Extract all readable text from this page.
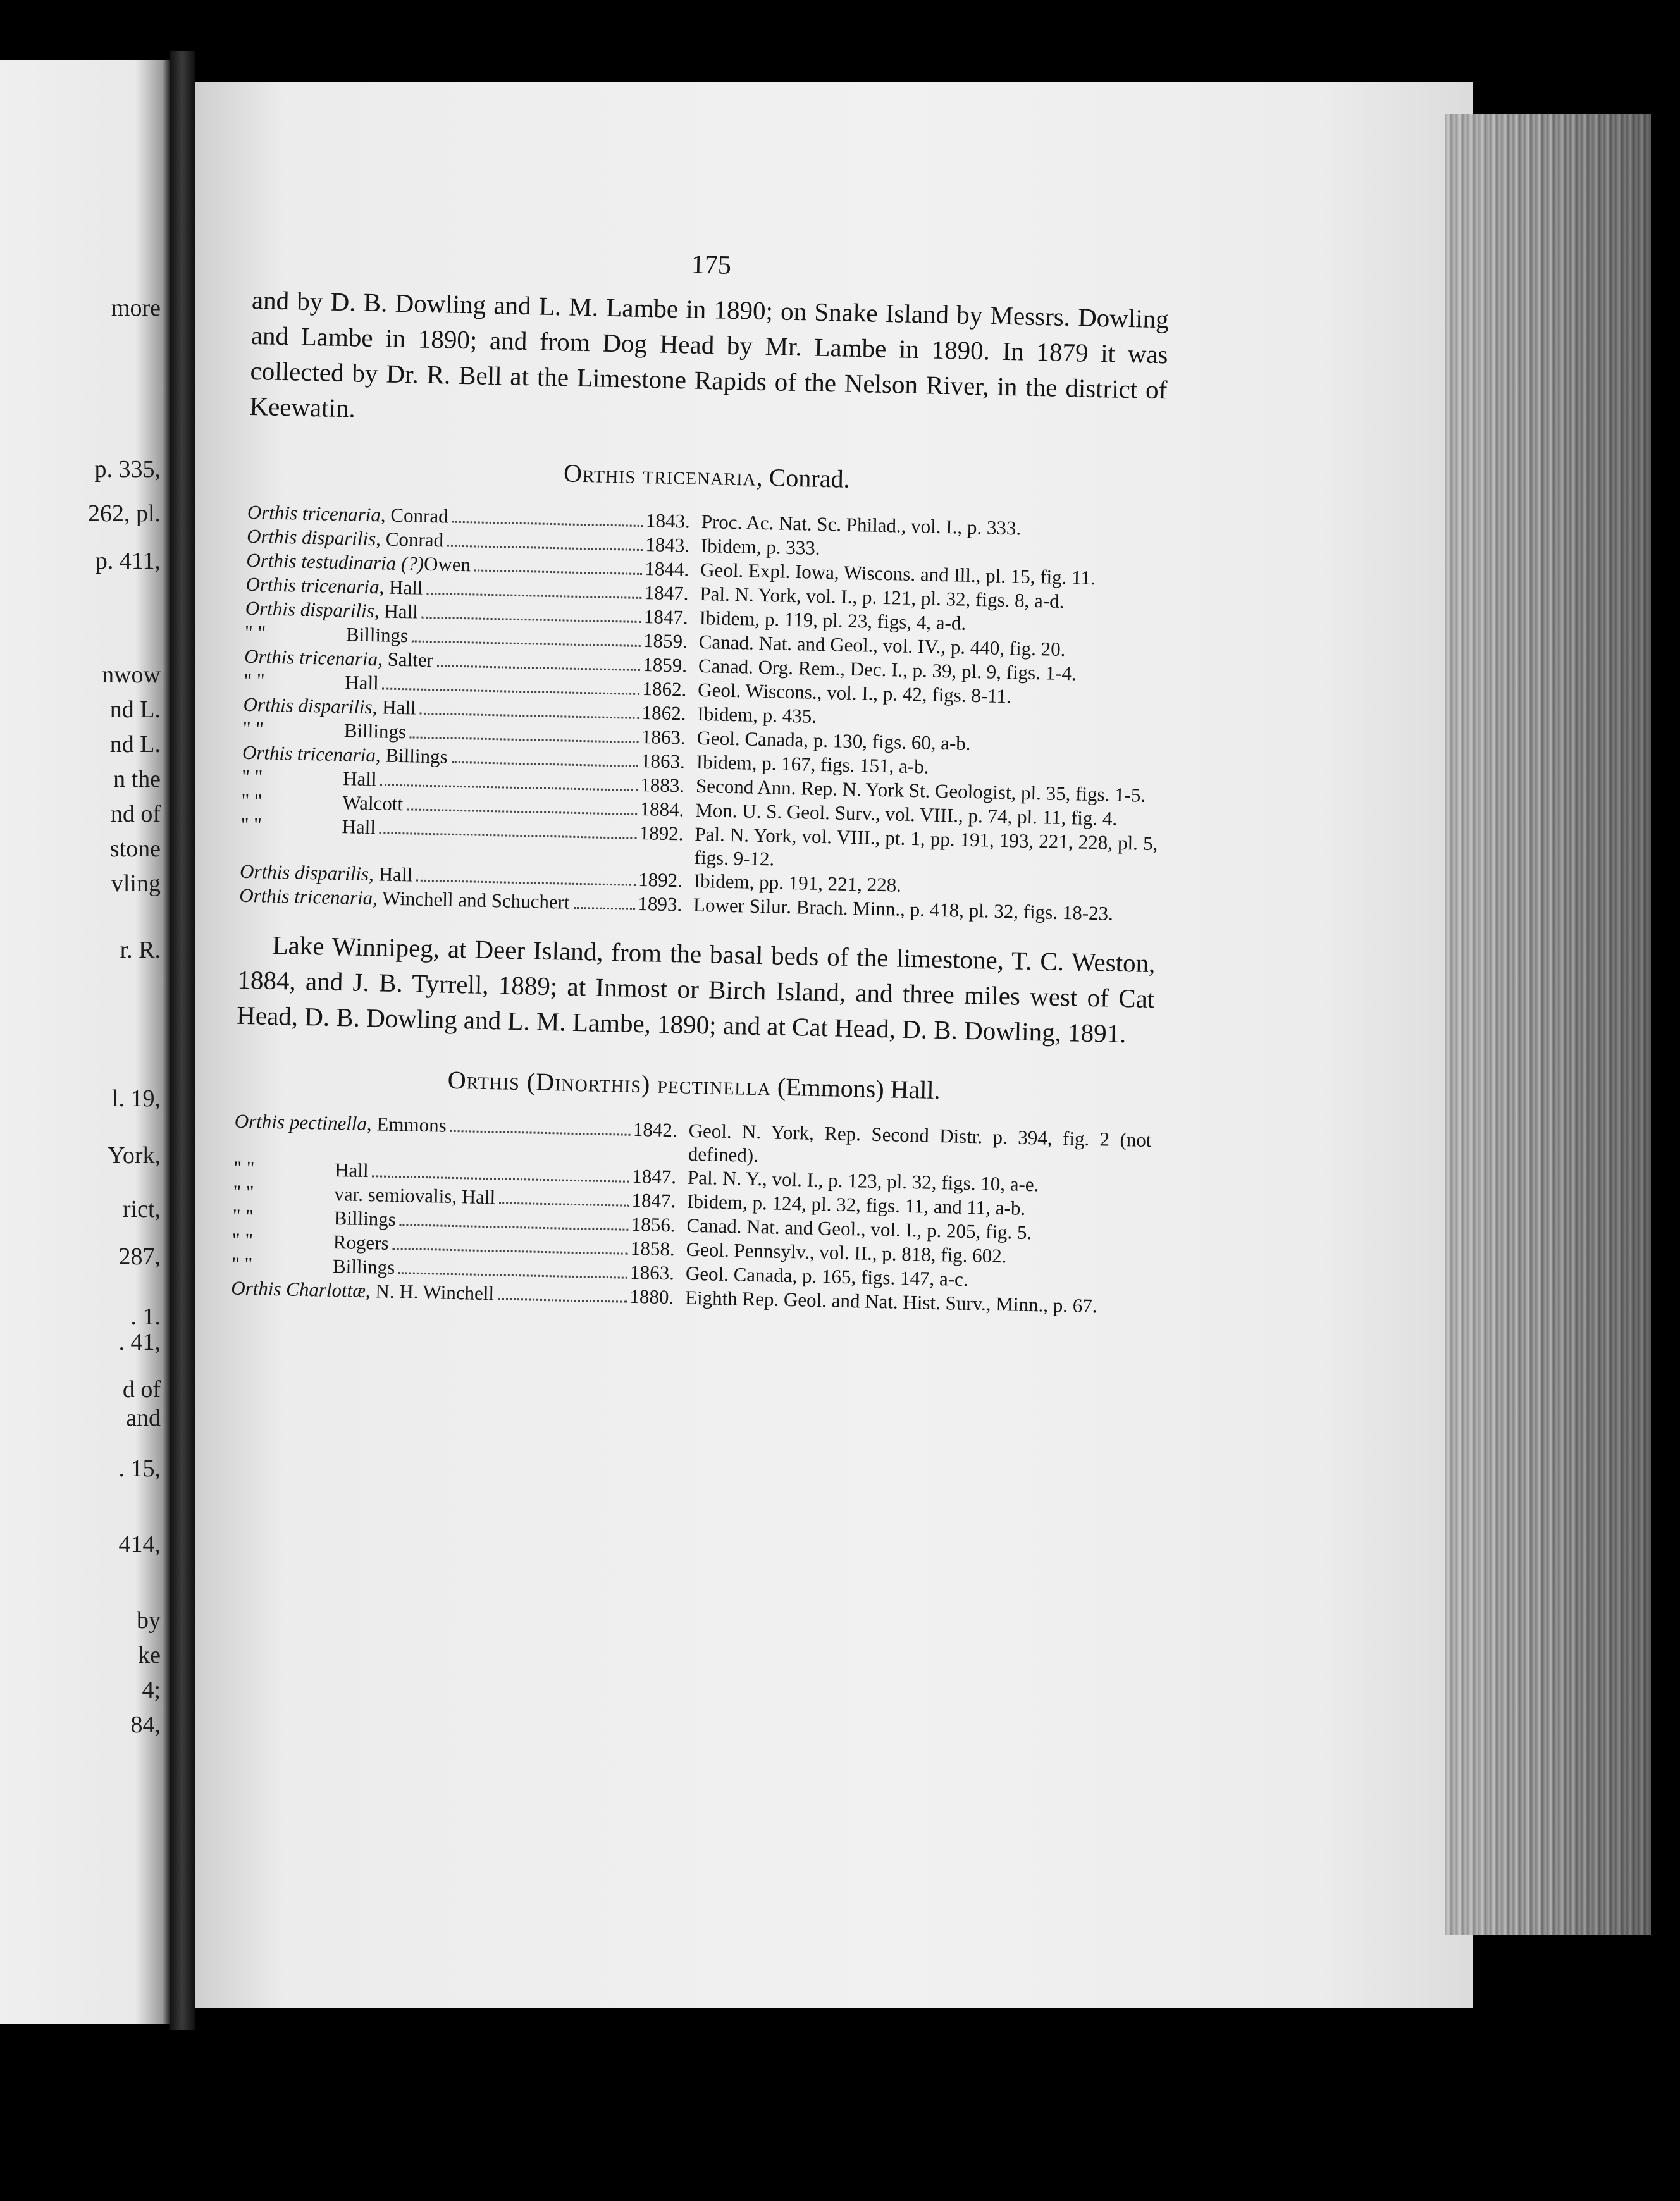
more
p. 335,
262, pl.
p. 411,
nwow
nd L.
nd L.
n the
nd of
stone
vling
r. R.
l. 19,
York,
rict,
287,
. 1.
. 41,
d of
and
. 15,
414,
by
ke
4;
84,
175

and by D. B. Dowling and L. M. Lambe in 1890; on Snake Island by Messrs. Dowling and Lambe in 1890; and from Dog Head by Mr. Lambe in 1890. In 1879 it was collected by Dr. R. Bell at the Limestone Rapids of the Nelson River, in the district of Keewatin.

Orthis tricenaria, Conrad.
Orthis tricenaria , Conrad	1843. Proc. Ac. Nat. Sc. Philad., vol. I., p. 333.
Orthis disparilis , Conrad	1843. Ibidem, p. 333.
Orthis testudinaria (?) Owen	1844. Geol. Expl. Iowa, Wiscons. and Ill., pl. 15, fig. 11.
Orthis tricenaria , Hall	1847. Pal. N. York, vol. I., p. 121, pl. 32, figs. 8, a-d.
Orthis disparilis , Hall	1847. Ibidem, p. 119, pl. 23, figs, 4, a-d.
" "	Billings	1859. Canad. Nat. and Geol., vol. IV., p. 440, fig. 20.
Orthis tricenaria , Salter	1859. Canad. Org. Rem., Dec. I., p. 39, pl. 9, figs. 1-4.
" "	Hall	1862. Geol. Wiscons., vol. I., p. 42, figs. 8-11.
Orthis disparilis , Hall	1862. Ibidem, p. 435.
" "	Billings	1863. Geol. Canada, p. 130, figs. 60, a-b.
Orthis tricenaria , Billings	1863. Ibidem, p. 167, figs. 151, a-b.
" "	Hall	1883. Second Ann. Rep. N. York St. Geologist, pl. 35, figs. 1-5.
" "	Walcott	1884. Mon. U. S. Geol. Surv., vol. VIII., p. 74, pl. 11, fig. 4.
" "	Hall	1892. Pal. N. York, vol. VIII., pt. 1, pp. 191, 193, 221, 228, pl. 5, figs. 9-12.
Orthis disparilis , Hall	1892. Ibidem, pp. 191, 221, 228.
Orthis tricenaria , Winchell and Schuchert	1893. Lower Silur. Brach. Minn., p. 418, pl. 32, figs. 18-23.

Lake Winnipeg, at Deer Island, from the basal beds of the limestone, T. C. Weston, 1884, and J. B. Tyrrell, 1889; at Inmost or Birch Island, and three miles west of Cat Head, D. B. Dowling and L. M. Lambe, 1890; and at Cat Head, D. B. Dowling, 1891.

Orthis (Dinorthis) pectinella (Emmons) Hall.
Orthis pectinella , Emmons	1842. Geol. N. York, Rep. Second Distr. p. 394, fig. 2 (not defined).
" "	Hall	1847. Pal. N. Y., vol. I., p. 123, pl. 32, figs. 10, a-e.
" "	var. semiovalis, Hall	1847. Ibidem, p. 124, pl. 32, figs. 11, and 11, a-b.
" "	Billings	1856. Canad. Nat. and Geol., vol. I., p. 205, fig. 5.
" "	Rogers	1858. Geol. Pennsylv., vol. II., p. 818, fig. 602.
" "	Billings	1863. Geol. Canada, p. 165, figs. 147, a-c.
Orthis Charlottæ , N. H. Winchell	1880. Eighth Rep. Geol. and Nat. Hist. Surv., Minn., p. 67.
